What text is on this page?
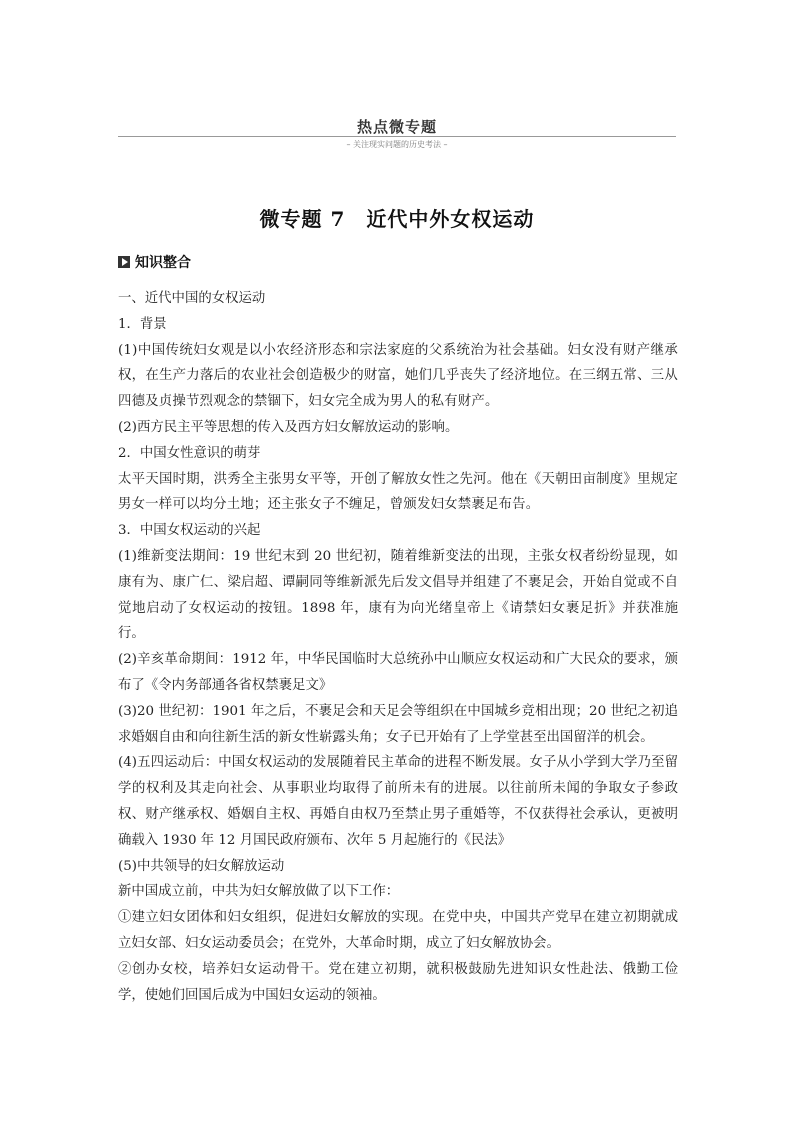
热点微专题
– 关注现实问题的历史考法 –
微专题 7　近代中外女权运动
知识整合

一、近代中国的女权运动

1．背景

(1)中国传统妇女观是以小农经济形态和宗法家庭的父系统治为社会基础。妇女没有财产继承权，在生产力落后的农业社会创造极少的财富，她们几乎丧失了经济地位。在三纲五常、三从四德及贞操节烈观念的禁锢下，妇女完全成为男人的私有财产。

(2)西方民主平等思想的传入及西方妇女解放运动的影响。

2．中国女性意识的萌芽

太平天国时期，洪秀全主张男女平等，开创了解放女性之先河。他在《天朝田亩制度》里规定男女一样可以均分土地；还主张女子不缠足，曾颁发妇女禁裹足布告。

3．中国女权运动的兴起

(1)维新变法期间：19 世纪末到 20 世纪初，随着维新变法的出现，主张女权者纷纷显现，如康有为、康广仁、梁启超、谭嗣同等维新派先后发文倡导并组建了不裹足会，开始自觉或不自觉地启动了女权运动的按钮。1898 年，康有为向光绪皇帝上《请禁妇女裹足折》并获准施行。

(2)辛亥革命期间：1912 年，中华民国临时大总统孙中山顺应女权运动和广大民众的要求，颁布了《令内务部通各省权禁裹足文》

(3)20 世纪初：1901 年之后，不裹足会和天足会等组织在中国城乡竞相出现；20 世纪之初追求婚姻自由和向往新生活的新女性崭露头角；女子已开始有了上学堂甚至出国留洋的机会。

(4)五四运动后：中国女权运动的发展随着民主革命的进程不断发展。女子从小学到大学乃至留学的权利及其走向社会、从事职业均取得了前所未有的进展。以往前所未闻的争取女子参政权、财产继承权、婚姻自主权、再婚自由权乃至禁止男子重婚等，不仅获得社会承认，更被明确载入 1930 年 12 月国民政府颁布、次年 5 月起施行的《民法》

(5)中共领导的妇女解放运动

新中国成立前，中共为妇女解放做了以下工作：

①建立妇女团体和妇女组织，促进妇女解放的实现。在党中央，中国共产党早在建立初期就成立妇女部、妇女运动委员会；在党外，大革命时期，成立了妇女解放协会。

②创办女校，培养妇女运动骨干。党在建立初期，就积极鼓励先进知识女性赴法、俄勤工俭学，使她们回国后成为中国妇女运动的领袖。
